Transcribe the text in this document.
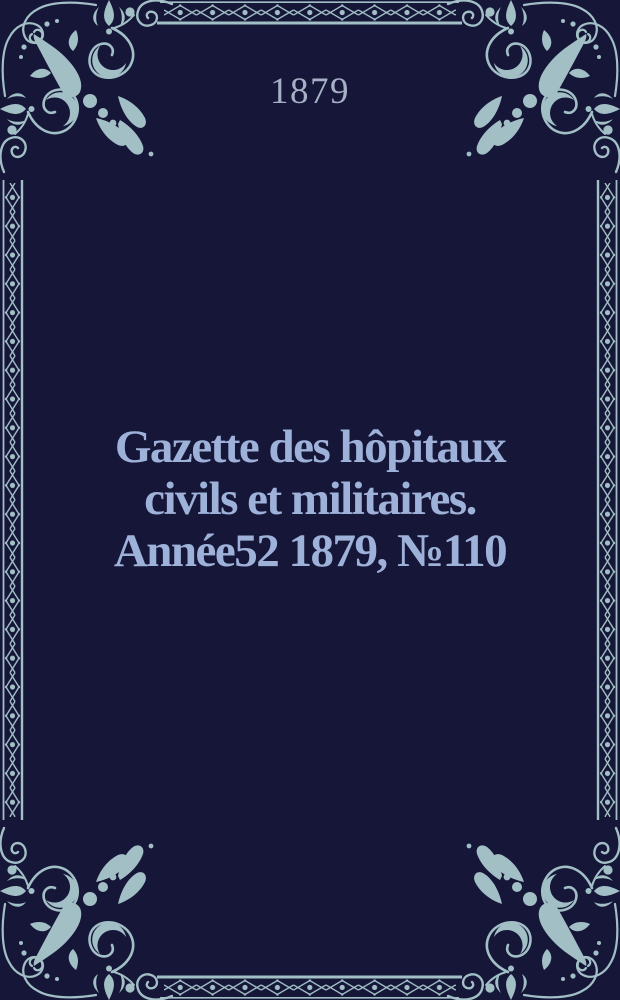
1879
Gazette des hôpitaux
civils et militaires.
Année52 1879, №110
